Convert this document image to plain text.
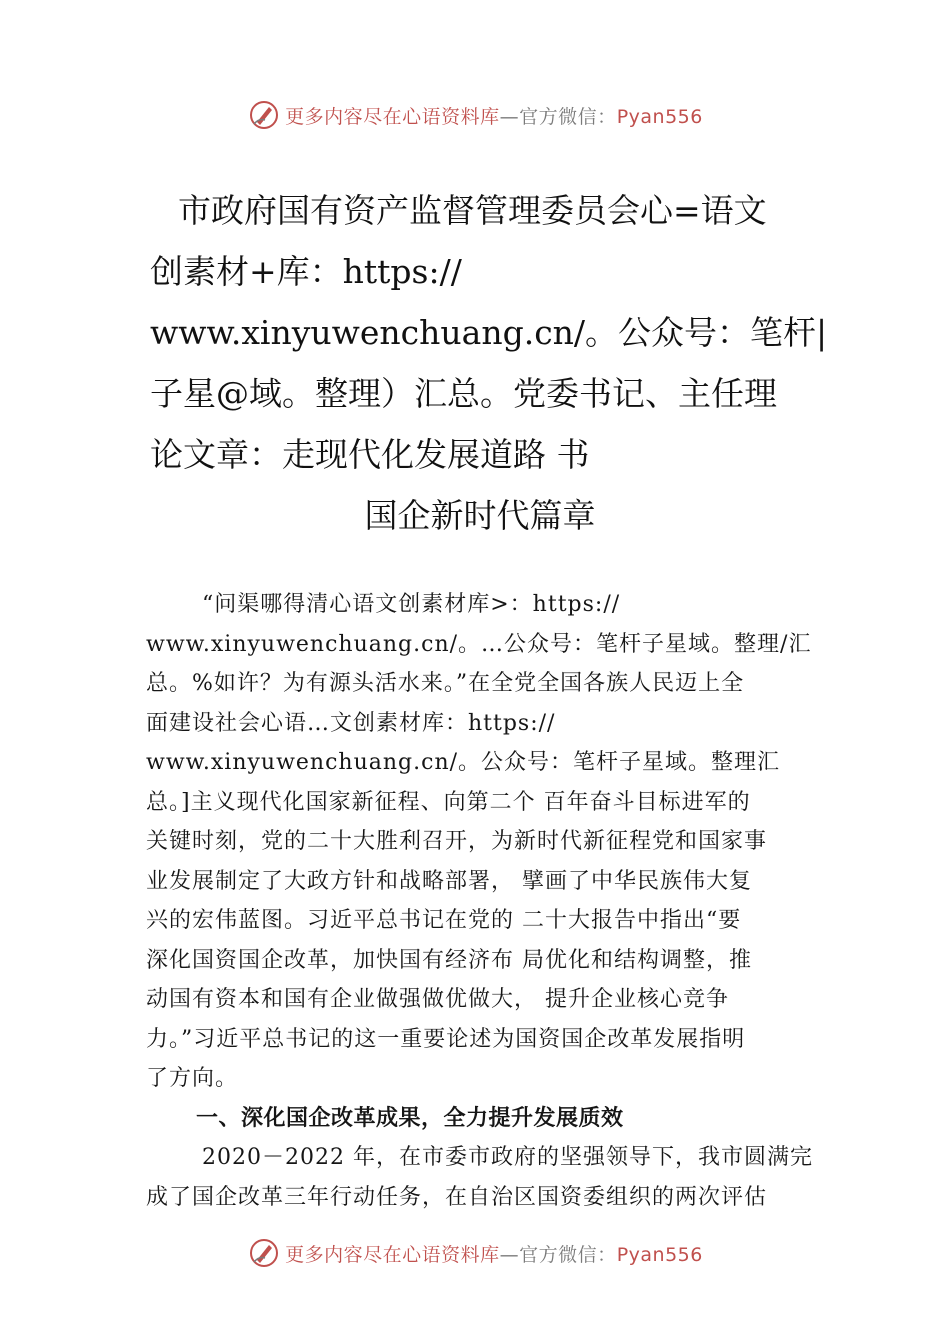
更多内容尽在心语资料库—官方微信：Pyan556
市政府国有资产监督管理委员会心=语文
创素材+库：https://
www.xinyuwenchuang.cn/。公众号：笔杆|
子星@域。整理）汇总。党委书记、主任理
论文章：走现代化发展道路 书
国企新时代篇章
“问渠哪得清心语文创素材库>：https://
www.xinyuwenchuang.cn/。…公众号：笔杆子星域。整理/汇
总。%如许？为有源头活水来。”在全党全国各族人民迈上全
面建设社会心语…文创素材库：https://
www.xinyuwenchuang.cn/。公众号：笔杆子星域。整理汇
总。]主义现代化国家新征程、向第二个 百年奋斗目标进军的
关键时刻，党的二十大胜利召开，为新时代新征程党和国家事
业发展制定了大政方针和战略部署， 擘画了中华民族伟大复
兴的宏伟蓝图。习近平总书记在党的 二十大报告中指出“要
深化国资国企改革，加快国有经济布 局优化和结构调整，推
动国有资本和国有企业做强做优做大， 提升企业核心竞争
力。”习近平总书记的这一重要论述为国资国企改革发展指明
了方向。
一、深化国企改革成果，全力提升发展质效
2020－2022 年，在市委市政府的坚强领导下，我市圆满完
成了国企改革三年行动任务，在自治区国资委组织的两次评估
更多内容尽在心语资料库—官方微信：Pyan556
